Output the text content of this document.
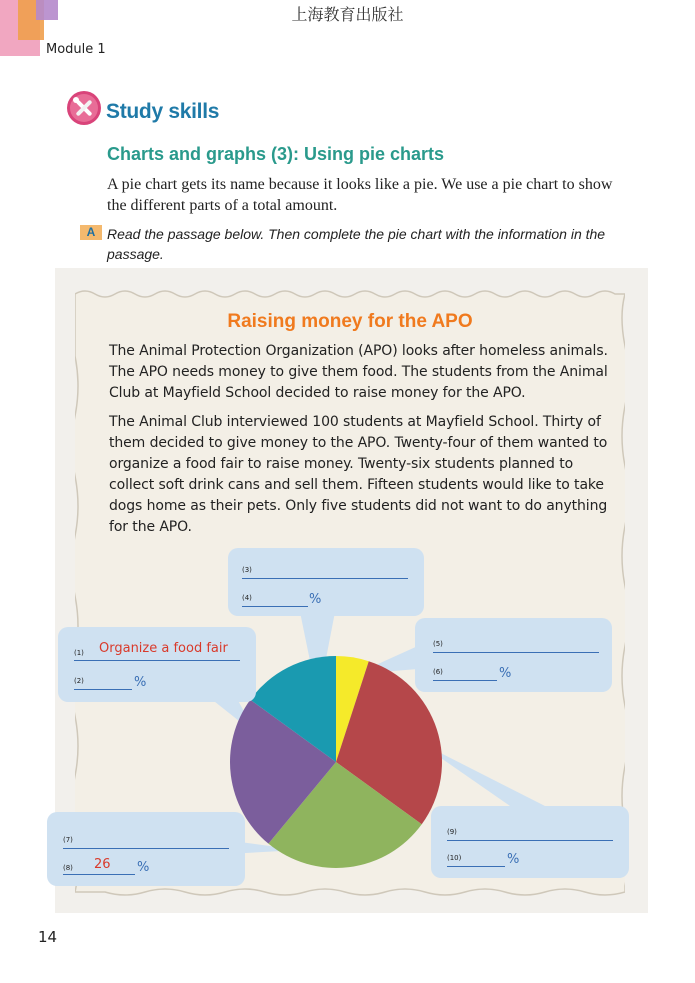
上海教育出版社
Module 1
Study skills
Charts and graphs (3): Using pie charts
A pie chart gets its name because it looks like a pie. We use a pie chart to show the different parts of a total amount.
A Read the passage below. Then complete the pie chart with the information in the passage.
Raising money for the APO
The Animal Protection Organization (APO) looks after homeless animals. The APO needs money to give them food. The students from the Animal Club at Mayfield School decided to raise money for the APO.
The Animal Club interviewed 100 students at Mayfield School. Thirty of them decided to give money to the APO. Twenty-four of them wanted to organize a food fair to raise money. Twenty-six students planned to collect soft drink cans and sell them. Fifteen students would like to take dogs home as their pets. Only five students did not want to do anything for the APO.
(3)
(4)	%
(1) Organize a food fair
(2)	%
(5)
(6)	%
(7)
(8) 26 %
(9)
(10)	%
14
